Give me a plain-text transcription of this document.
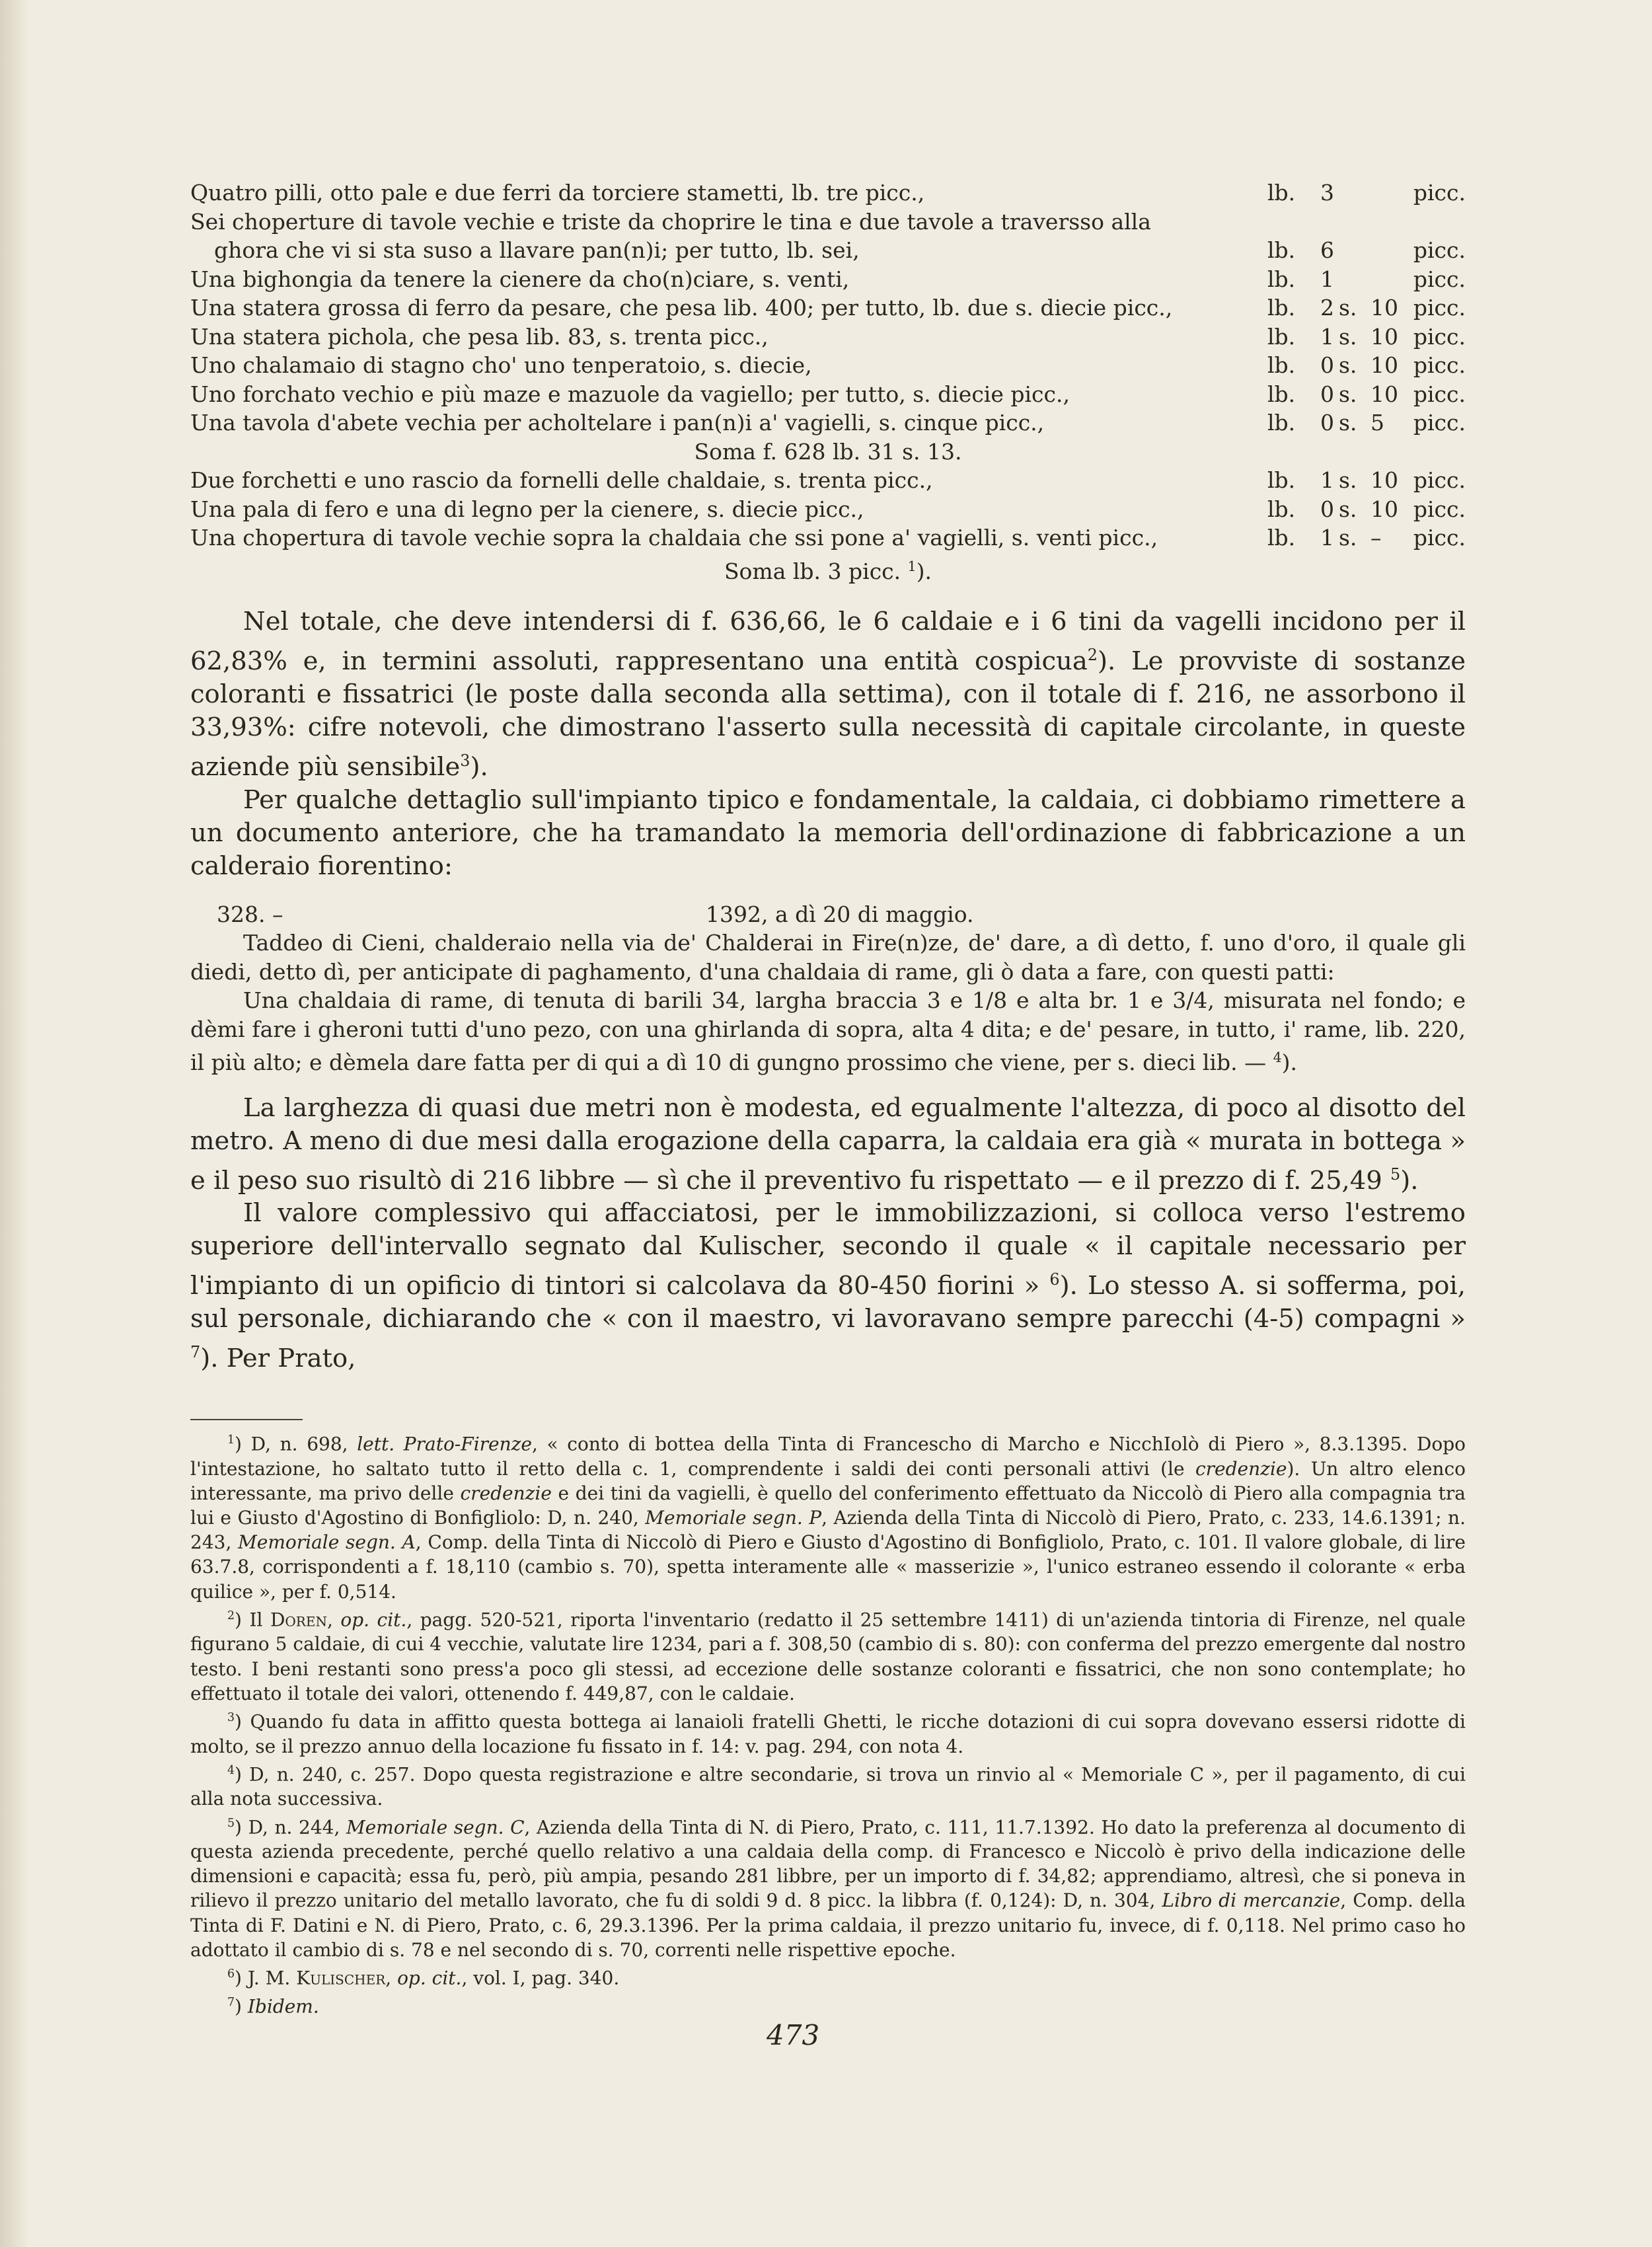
Quatro pilli, otto pale e due ferri da torciere stametti, lb. tre picc.,	lb.	3	picc.
Sei choperture di tavole vechie e triste da choprire le tina e due tavole a traversso alla
ghora che vi si sta suso a llavare pan(n)i; per tutto, lb. sei,	lb.	6	picc.
Una bighongia da tenere la cienere da cho(n)ciare, s. venti,	lb.	1	picc.
Una statera grossa di ferro da pesare, che pesa lib. 400; per tutto, lb. due s. diecie picc.,	lb.	2 s. 10 picc.
Una statera pichola, che pesa lib. 83, s. trenta picc.,	lb.	1 s. 10 picc.
Uno chalamaio di stagno cho' uno tenperatoio, s. diecie,	lb.	0 s. 10 picc.
Uno forchato vechio e più maze e mazuole da vagiello; per tutto, s. diecie picc.,	lb.	0 s. 10 picc.
Una tavola d'abete vechia per acholtelare i pan(n)i a' vagielli, s. cinque picc.,	lb.	0 s. 5	picc.
Soma f. 628 lb. 31 s. 13.
Due forchetti e uno rascio da fornelli delle chaldaie, s. trenta picc.,	lb.	1 s. 10 picc.
Una pala di fero e una di legno per la cienere, s. diecie picc.,	lb.	0 s. 10 picc.
Una chopertura di tavole vechie sopra la chaldaia che ssi pone a' vagielli, s. venti picc.,	lb.	1 s. –	picc.
Soma lb. 3 picc. $^1$).
Nel totale, che deve intendersi di f. 636,66, le 6 caldaie e i 6 tini da vagelli incidono per il 62,83% e, in termini assoluti, rappresentano una entità cospicua$^2$). Le provviste di sostanze coloranti e fissatrici (le poste dalla seconda alla settima), con il totale di f. 216, ne assorbono il 33,93%: cifre notevoli, che dimostrano l'asserto sulla necessità di capitale circolante, in queste aziende più sensibile$^3$).
Per qualche dettaglio sull'impianto tipico e fondamentale, la caldaia, ci dobbiamo rimettere a un documento anteriore, che ha tramandato la memoria dell'ordinazione di fabbricazione a un calderaio fiorentino:
328. –	1392, a dì 20 di maggio.
Taddeo di Cieni, chalderaio nella via de' Chalderai in Fire(n)ze, de' dare, a dì detto, f. uno d'oro, il quale gli diedi, detto dì, per anticipate di paghamento, d'una chaldaia di rame, gli ò data a fare, con questi patti:
Una chaldaia di rame, di tenuta di barili 34, largha braccia 3 e 1/8 e alta br. 1 e 3/4, misurata nel fondo; e dèmi fare i gheroni tutti d'uno pezo, con una ghirlanda di sopra, alta 4 dita; e de' pesare, in tutto, i' rame, lib. 220, il più alto; e dèmela dare fatta per di qui a dì 10 di gungno prossimo che viene, per s. dieci lib. — $^4$).
La larghezza di quasi due metri non è modesta, ed egualmente l'altezza, di poco al disotto del metro. A meno di due mesi dalla erogazione della caparra, la caldaia era già « murata in bottega » e il peso suo risultò di 216 libbre — sì che il preventivo fu rispettato — e il prezzo di f. 25,49 $^5$).
Il valore complessivo qui affacciatosi, per le immobilizzazioni, si colloca verso l'estremo superiore dell'intervallo segnato dal Kulischer, secondo il quale « il capitale necessario per l'impianto di un opificio di tintori si calcolava da 80-450 fiorini » $^6$). Lo stesso A. si sofferma, poi, sul personale, dichiarando che « con il maestro, vi lavoravano sempre parecchi (4-5) compagni » $^7$). Per Prato,

$^1$) D, n. 698, lett. Prato-Firenze, « conto di bottea della Tinta di Francescho di Marcho e NicchIolò di Piero », 8.3.1395. Dopo l'intestazione, ho saltato tutto il retto della c. 1, comprendente i saldi dei conti personali attivi (le credenzie). Un altro elenco interessante, ma privo delle credenzie e dei tini da vagielli, è quello del conferimento effettuato da Niccolò di Piero alla compagnia tra lui e Giusto d'Agostino di Bonfigliolo: D, n. 240, Memoriale segn. P, Azienda della Tinta di Niccolò di Piero, Prato, c. 233, 14.6.1391; n. 243, Memoriale segn. A, Comp. della Tinta di Niccolò di Piero e Giusto d'Agostino di Bonfigliolo, Prato, c. 101. Il valore globale, di lire 63.7.8, corrispondenti a f. 18,110 (cambio s. 70), spetta interamente alle « masserizie », l'unico estraneo essendo il colorante « erba quilice », per f. 0,514.

$^2$) Il Doren, op. cit., pagg. 520-521, riporta l'inventario (redatto il 25 settembre 1411) di un'azienda tintoria di Firenze, nel quale figurano 5 caldaie, di cui 4 vecchie, valutate lire 1234, pari a f. 308,50 (cambio di s. 80): con conferma del prezzo emergente dal nostro testo. I beni restanti sono press'a poco gli stessi, ad eccezione delle sostanze coloranti e fissatrici, che non sono contemplate; ho effettuato il totale dei valori, ottenendo f. 449,87, con le caldaie.

$^3$) Quando fu data in affitto questa bottega ai lanaioli fratelli Ghetti, le ricche dotazioni di cui sopra dovevano essersi ridotte di molto, se il prezzo annuo della locazione fu fissato in f. 14: v. pag. 294, con nota 4.

$^4$) D, n. 240, c. 257. Dopo questa registrazione e altre secondarie, si trova un rinvio al « Memoriale C », per il pagamento, di cui alla nota successiva.

$^5$) D, n. 244, Memoriale segn. C, Azienda della Tinta di N. di Piero, Prato, c. 111, 11.7.1392. Ho dato la preferenza al documento di questa azienda precedente, perché quello relativo a una caldaia della comp. di Francesco e Niccolò è privo della indicazione delle dimensioni e capacità; essa fu, però, più ampia, pesando 281 libbre, per un importo di f. 34,82; apprendiamo, altresì, che si poneva in rilievo il prezzo unitario del metallo lavorato, che fu di soldi 9 d. 8 picc. la libbra (f. 0,124): D, n. 304, Libro di mercanzie, Comp. della Tinta di F. Datini e N. di Piero, Prato, c. 6, 29.3.1396. Per la prima caldaia, il prezzo unitario fu, invece, di f. 0,118. Nel primo caso ho adottato il cambio di s. 78 e nel secondo di s. 70, correnti nelle rispettive epoche.

$^6$) J. M. Kulischer, op. cit., vol. I, pag. 340.

$^7$) Ibidem.

473
